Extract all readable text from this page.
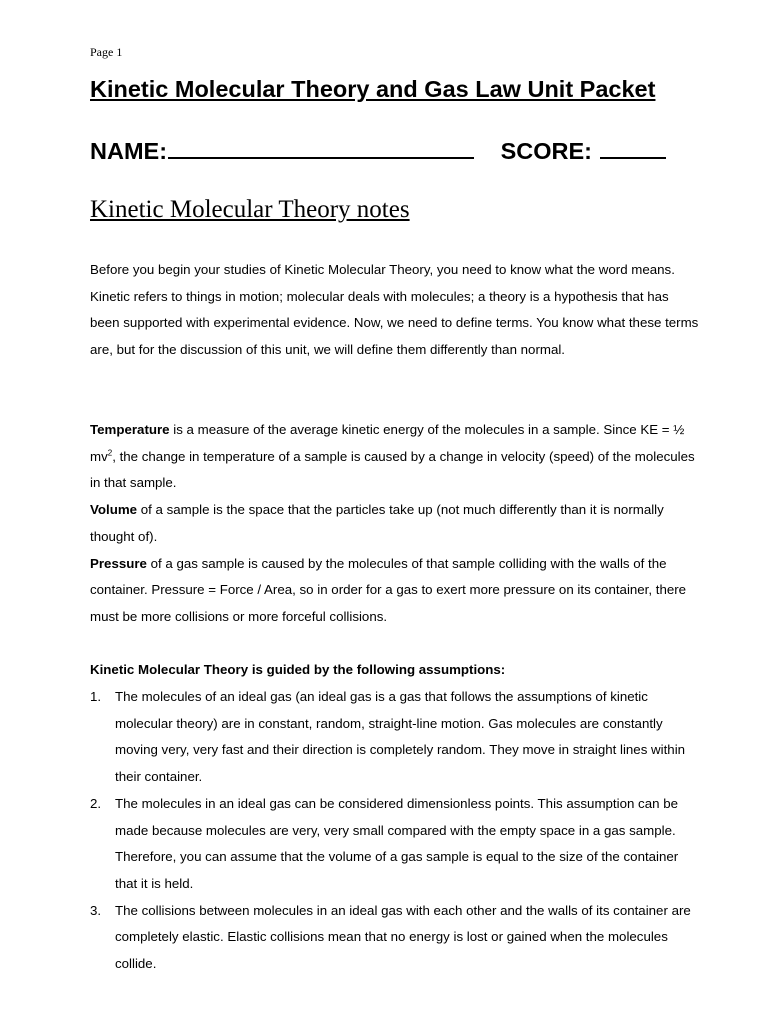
Page 1
Kinetic Molecular Theory and Gas Law Unit Packet
NAME:	SCORE:
Kinetic Molecular Theory notes

Before you begin your studies of Kinetic Molecular Theory, you need to know what the word means. Kinetic refers to things in motion; molecular deals with molecules; a theory is a hypothesis that has been supported with experimental evidence. Now, we need to define terms. You know what these terms are, but for the discussion of this unit, we will define them differently than normal.

Temperature is a measure of the average kinetic energy of the molecules in a sample. Since KE = ½ $mv^2$, the change in temperature of a sample is caused by a change in velocity (speed) of the molecules in that sample.

Volume of a sample is the space that the particles take up (not much differently than it is normally thought of).

Pressure of a gas sample is caused by the molecules of that sample colliding with the walls of the container. Pressure = Force / Area, so in order for a gas to exert more pressure on its container, there must be more collisions or more forceful collisions.

Kinetic Molecular Theory is guided by the following assumptions:
1. The molecules of an ideal gas (an ideal gas is a gas that follows the assumptions of kinetic molecular theory) are in constant, random, straight-line motion. Gas molecules are constantly moving very, very fast and their direction is completely random. They move in straight lines within their container.
2. The molecules in an ideal gas can be considered dimensionless points. This assumption can be made because molecules are very, very small compared with the empty space in a gas sample. Therefore, you can assume that the volume of a gas sample is equal to the size of the container that it is held.
3. The collisions between molecules in an ideal gas with each other and the walls of its container are completely elastic. Elastic collisions mean that no energy is lost or gained when the molecules collide.
